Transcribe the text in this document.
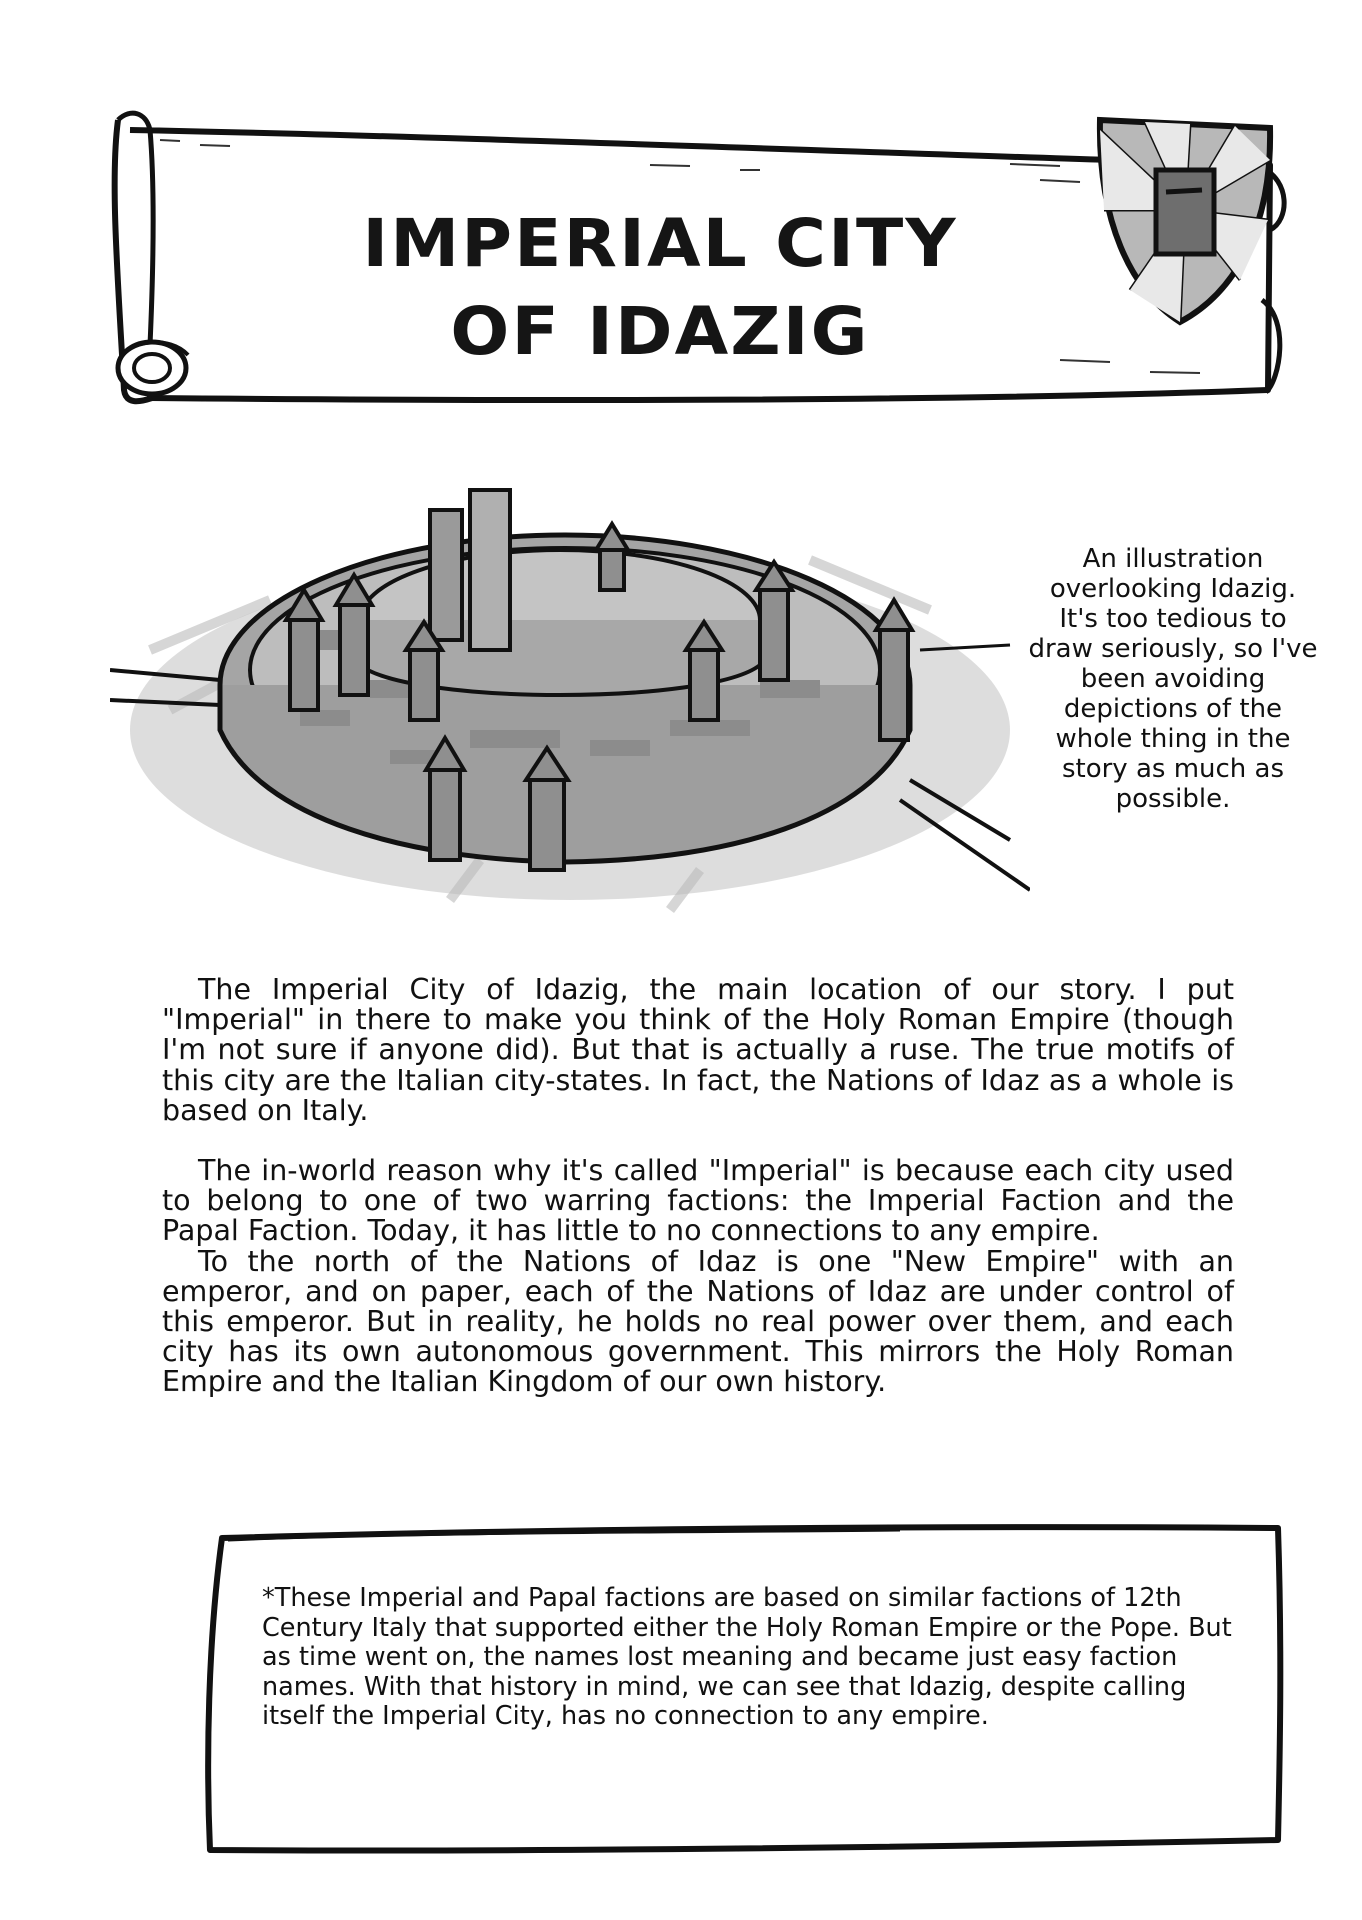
IMPERIAL CITY
OF IDAZIG
An illustration overlooking Idazig. It's too tedious to draw seriously, so I've been avoiding depictions of the whole thing in the story as much as possible.

The Imperial City of Idazig, the main location of our story. I put "Imperial" in there to make you think of the Holy Roman Empire (though I'm not sure if anyone did). But that is actually a ruse. The true motifs of this city are the Italian city-states. In fact, the Nations of Idaz as a whole is based on Italy.

The in-world reason why it's called "Imperial" is because each city used to belong to one of two warring factions: the Imperial Faction and the Papal Faction. Today, it has little to no connections to any empire.

To the north of the Nations of Idaz is one "New Empire" with an emperor, and on paper, each of the Nations of Idaz are under control of this emperor. But in reality, he holds no real power over them, and each city has its own autonomous government. This mirrors the Holy Roman Empire and the Italian Kingdom of our own history.

*These Imperial and Papal factions are based on similar factions of 12th Century Italy that supported either the Holy Roman Empire or the Pope. But as time went on, the names lost meaning and became just easy faction names. With that history in mind, we can see that Idazig, despite calling itself the Imperial City, has no connection to any empire.
